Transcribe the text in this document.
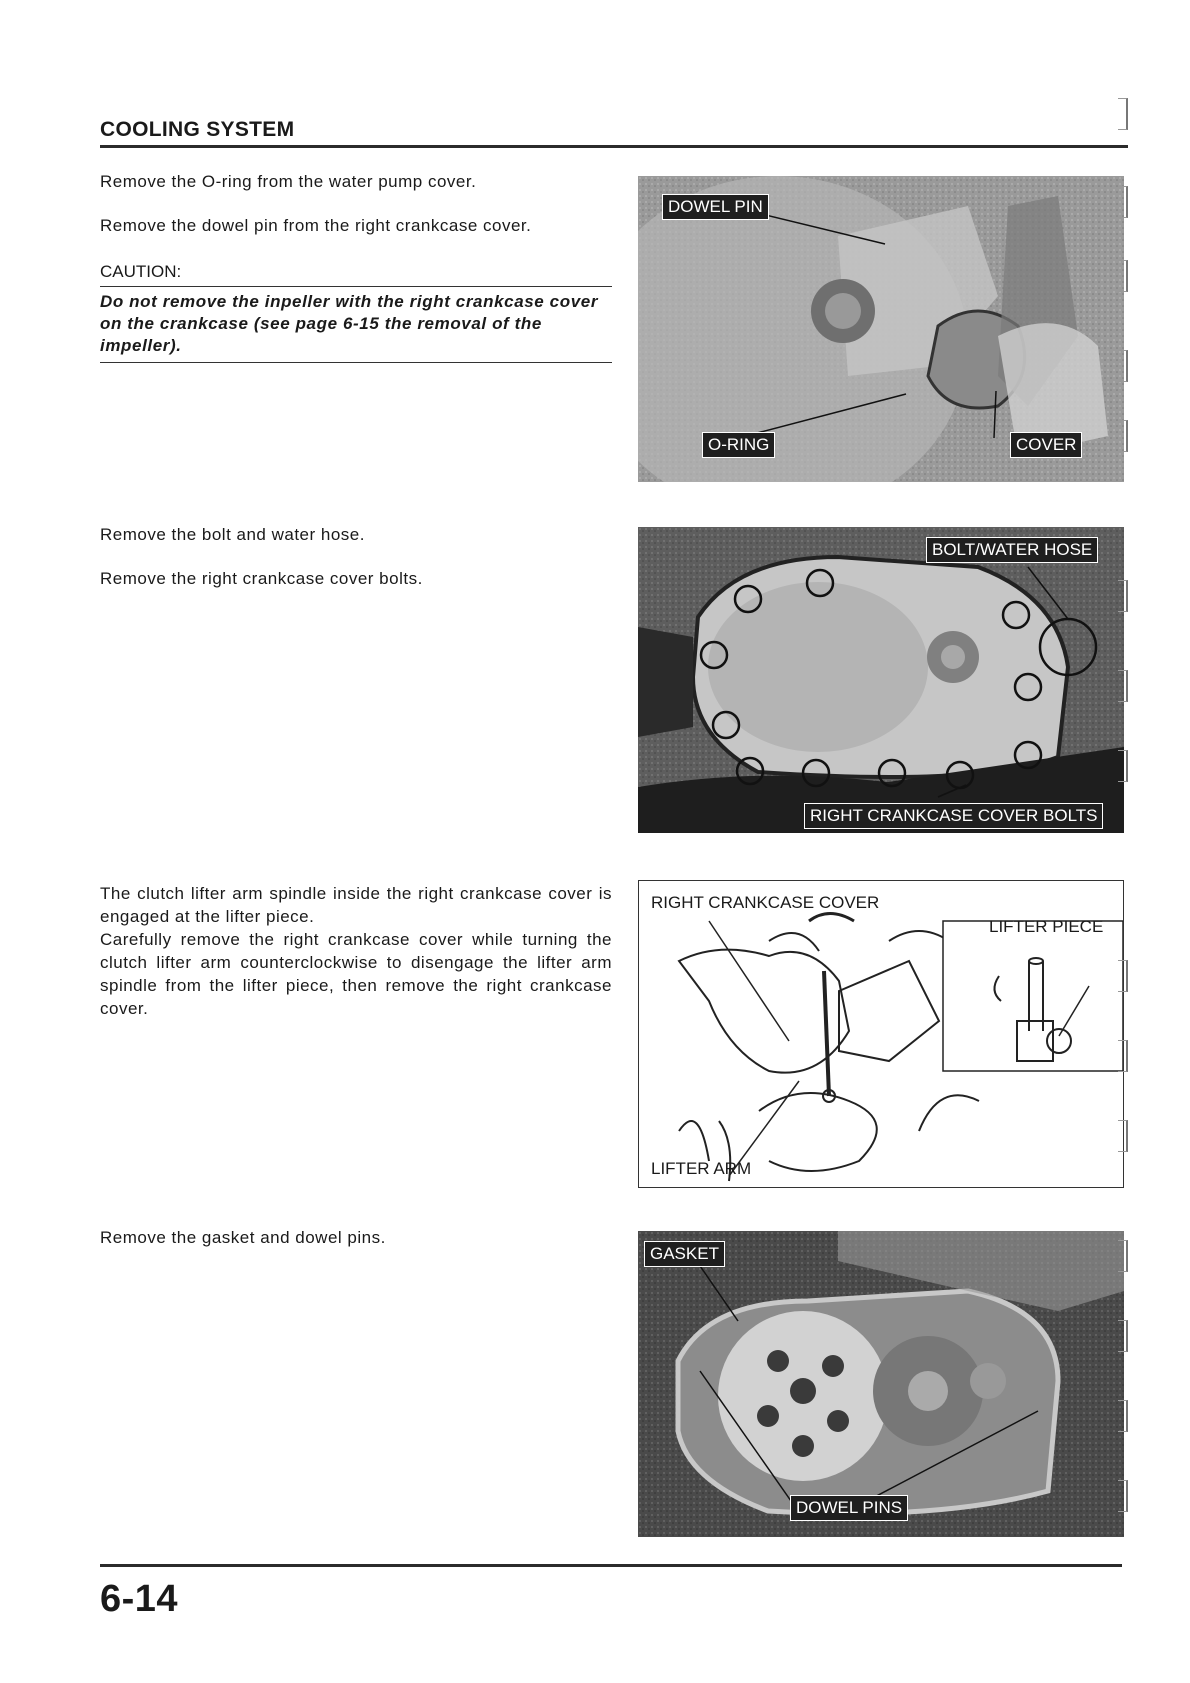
COOLING SYSTEM
Remove the O-ring from the water pump cover.
Remove the dowel pin from the right crankcase cover.
CAUTION:
Do not remove the inpeller with the right crankcase cover on the crankcase (see page 6-15 the removal of the impeller).
DOWEL PIN
O-RING	COVER
Remove the bolt and water hose.
Remove the right crankcase cover bolts.
BOLT/WATER HOSE
RIGHT CRANKCASE COVER BOLTS
The clutch lifter arm spindle inside the right crankcase cover is engaged at the lifter piece.
Carefully remove the right crankcase cover while turning the clutch lifter arm counterclockwise to disengage the lifter arm spindle from the lifter piece, then remove the right crankcase cover.
RIGHT CRANKCASE COVER
LIFTER PIECE
LIFTER ARM
Remove the gasket and dowel pins.
GASKET
DOWEL PINS
6-14
